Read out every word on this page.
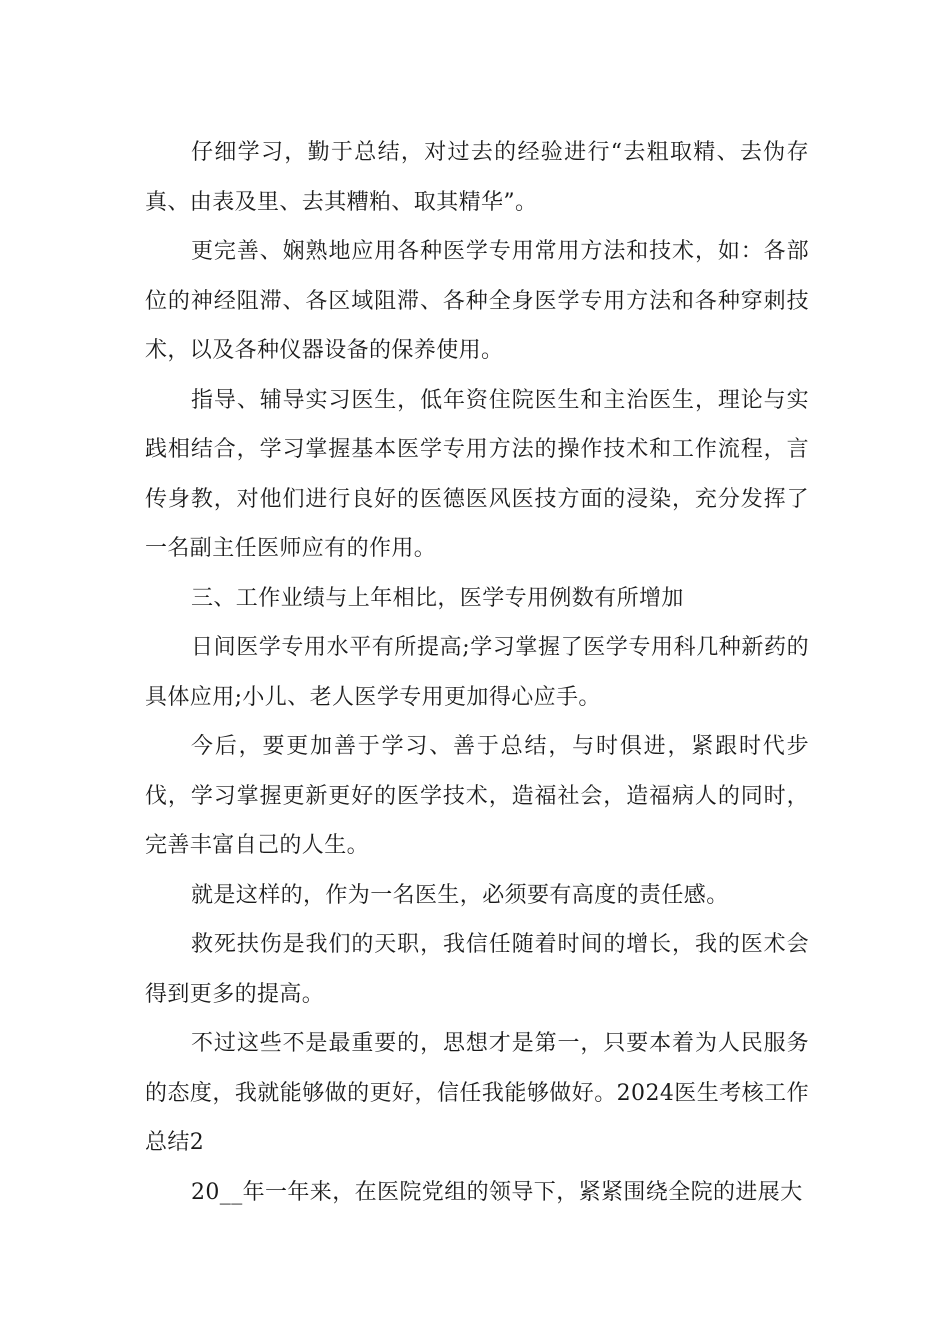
仔细学习，勤于总结，对过去的经验进行“去粗取精、去伪存真、由表及里、去其糟粕、取其精华”。

更完善、娴熟地应用各种医学专用常用方法和技术，如：各部位的神经阻滞、各区域阻滞、各种全身医学专用方法和各种穿刺技术，以及各种仪器设备的保养使用。

指导、辅导实习医生，低年资住院医生和主治医生，理论与实践相结合，学习掌握基本医学专用方法的操作技术和工作流程，言传身教，对他们进行良好的医德医风医技方面的浸染，充分发挥了一名副主任医师应有的作用。

三、工作业绩与上年相比，医学专用例数有所增加

日间医学专用水平有所提高;学习掌握了医学专用科几种新药的具体应用;小儿、老人医学专用更加得心应手。

今后，要更加善于学习、善于总结，与时俱进，紧跟时代步伐，学习掌握更新更好的医学技术，造福社会，造福病人的同时，完善丰富自己的人生。

就是这样的，作为一名医生，必须要有高度的责任感。

救死扶伤是我们的天职，我信任随着时间的增长，我的医术会得到更多的提高。

不过这些不是最重要的，思想才是第一，只要本着为人民服务的态度，我就能够做的更好，信任我能够做好。2024医生考核工作总结2

20__年一年来，在医院党组的领导下，紧紧围绕全院的进展大
